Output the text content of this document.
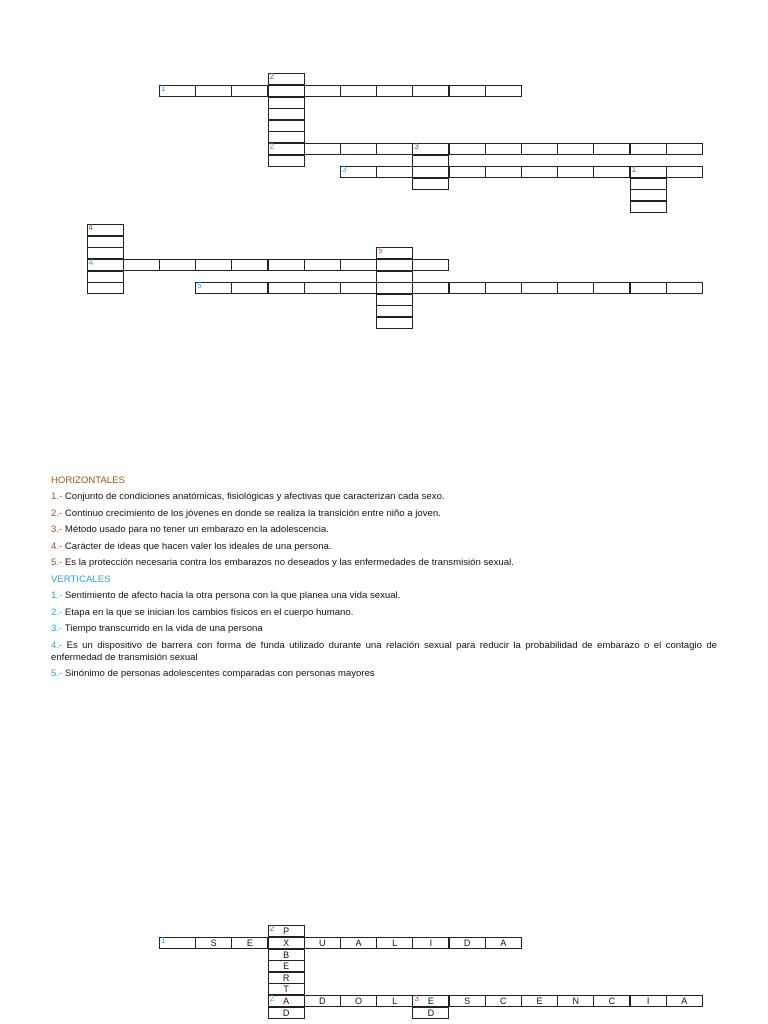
1
2
2	3
3	1
4
4
5
5
1	S	E	X	U	A	L	I	D	A
2	P
B
E
R
T
2	A
D
D	O	L	3	E	S	C	E	N	C	I	A
D
HORIZONTALES
1.- Conjunto de condiciones anatómicas, fisiológicas y afectivas que caracterizan cada sexo.
2.- Continuo crecimiento de los jóvenes en donde se realiza la transición entre niño a joven.
3.- Método usado para no tener un embarazo en la adolescencia.
4.- Carácter de ideas que hacen valer los ideales de una persona.
5.- Es la protección necesaria contra los embarazos no deseados y las enfermedades de transmisión sexual.
VERTICALES
1.- Sentimiento de afecto hacia la otra persona con la que planea una vida sexual.
2.- Etapa en la que se inician los cambios físicos en el cuerpo humano.
3.- Tiempo transcurrido en la vida de una persona
4.- Es un dispositivo de barrera con forma de funda utilizado durante una relación sexual para reducir la probabilidad de embarazo o el contagio de enfermedad de transmisión sexual
5.- Sinónimo de personas adolescentes comparadas con personas mayores
